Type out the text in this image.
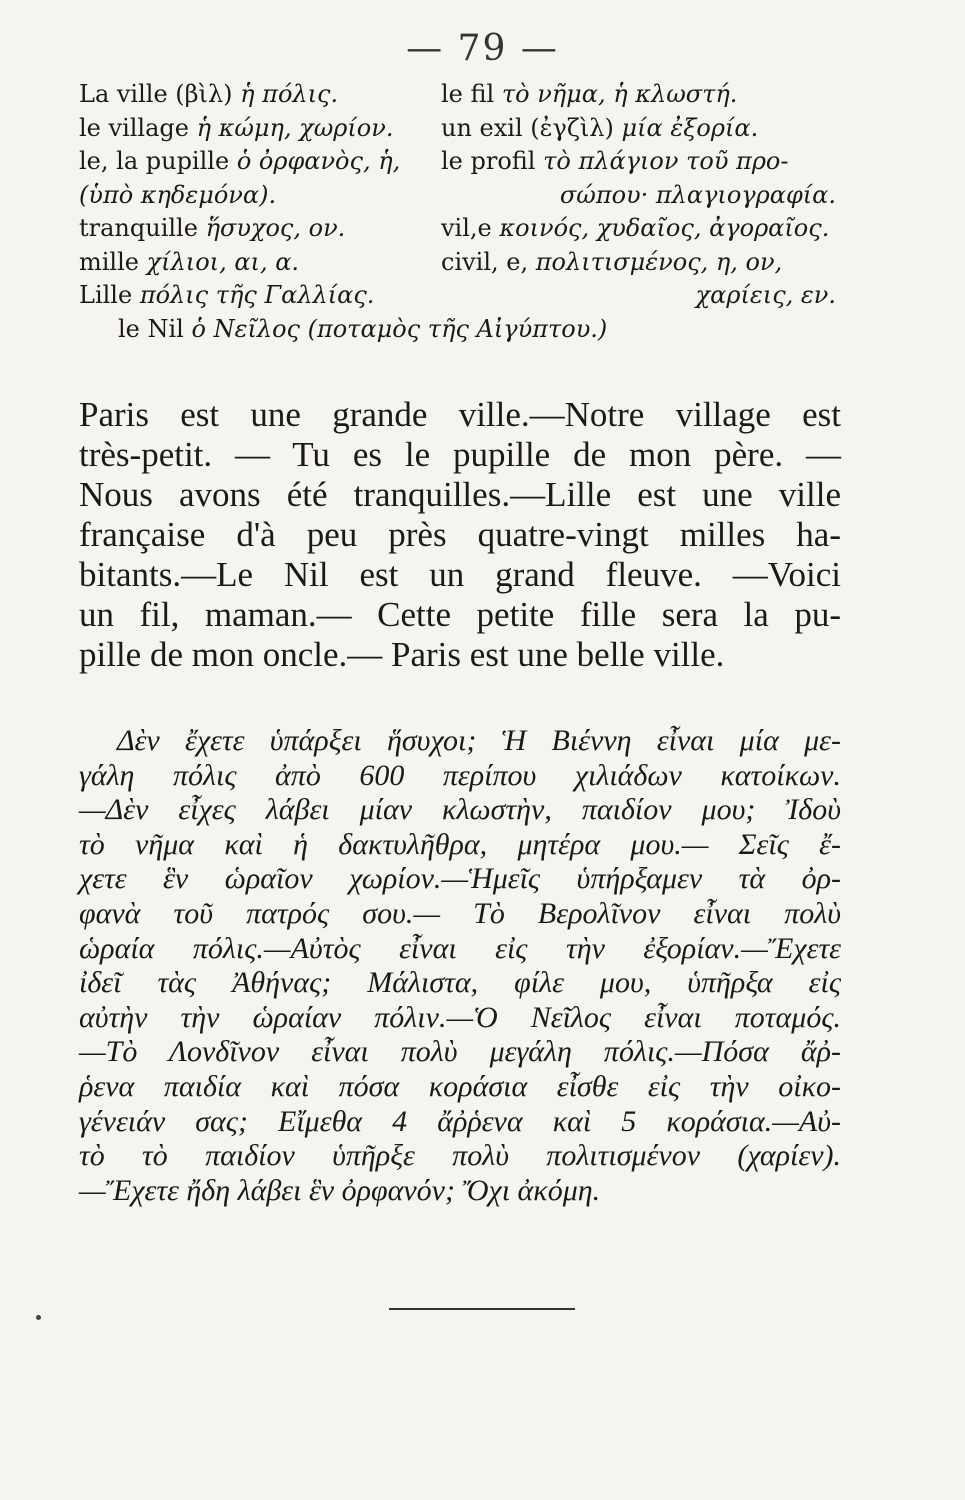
— 79 —
La ville (βὶλ) ἡ πόλις.	le fil τὸ νῆμα, ἡ κλωστή.
le village ἡ κώμη, χωρίον.	un exil (ἐγζὶλ) μία ἐξορία.
le, la pupille ὁ ὀρφανὸς, ἡ,	le profil τὸ πλάγιον τοῦ προ-
(ὑπὸ κηδεμόνα).	σώπου· πλαγιογραφία.
tranquille ἥσυχος, ον.	vil,e κοινός, χυδαῖος, ἀγοραῖος.
mille χίλιοι, αι, α.	civil, e, πολιτισμένος, η, ον,
Lille πόλις τῆς Γαλλίας.	χαρίεις, εν.
le Nil ὁ Νεῖλος (ποταμὸς τῆς Αἰγύπτου.)
Paris est une grande ville.—Notre village est
très-petit. — Tu es le pupille de mon père. —
Nous avons été tranquilles.—Lille est une ville
française d'à peu près quatre-vingt milles ha-
bitants.—Le Nil est un grand fleuve. —Voici
un fil, maman.— Cette petite fille sera la pu-
pille de mon oncle.— Paris est une belle ville.
Δὲν ἔχετε ὑπάρξει ἥσυχοι; Ἡ Βιέννη εἶναι μία με-
γάλη πόλις ἀπὸ 600 περίπου χιλιάδων κατοίκων.
—Δὲν εἶχες λάβει μίαν κλωστὴν, παιδίον μου; Ἰδοὺ
τὸ νῆμα καὶ ἡ δακτυλῆθρα, μητέρα μου.— Σεῖς ἔ-
χετε ἓν ὡραῖον χωρίον.—Ἡμεῖς ὑπήρξαμεν τὰ ὀρ-
φανὰ τοῦ πατρός σου.— Τὸ Βερολῖνον εἶναι πολὺ
ὡραία πόλις.—Αὐτὸς εἶναι εἰς τὴν ἐξορίαν.—Ἔχετε
ἰδεῖ τὰς Ἀθήνας; Μάλιστα, φίλε μου, ὑπῆρξα εἰς
αὐτὴν τὴν ὡραίαν πόλιν.—Ὁ Νεῖλος εἶναι ποταμός.
—Τὸ Λονδῖνον εἶναι πολὺ μεγάλη πόλις.—Πόσα ἄῤ-
ῥενα παιδία καὶ πόσα κοράσια εἶσθε εἰς τὴν οἰκο-
γένειάν σας; Εἴμεθα 4 ἄῤῥενα καὶ 5 κοράσια.—Αὐ-
τὸ τὸ παιδίον ὑπῆρξε πολὺ πολιτισμένον (χαρίεν).
—Ἔχετε ἤδη λάβει ἓν ὀρφανόν; Ὄχι ἀκόμη.
